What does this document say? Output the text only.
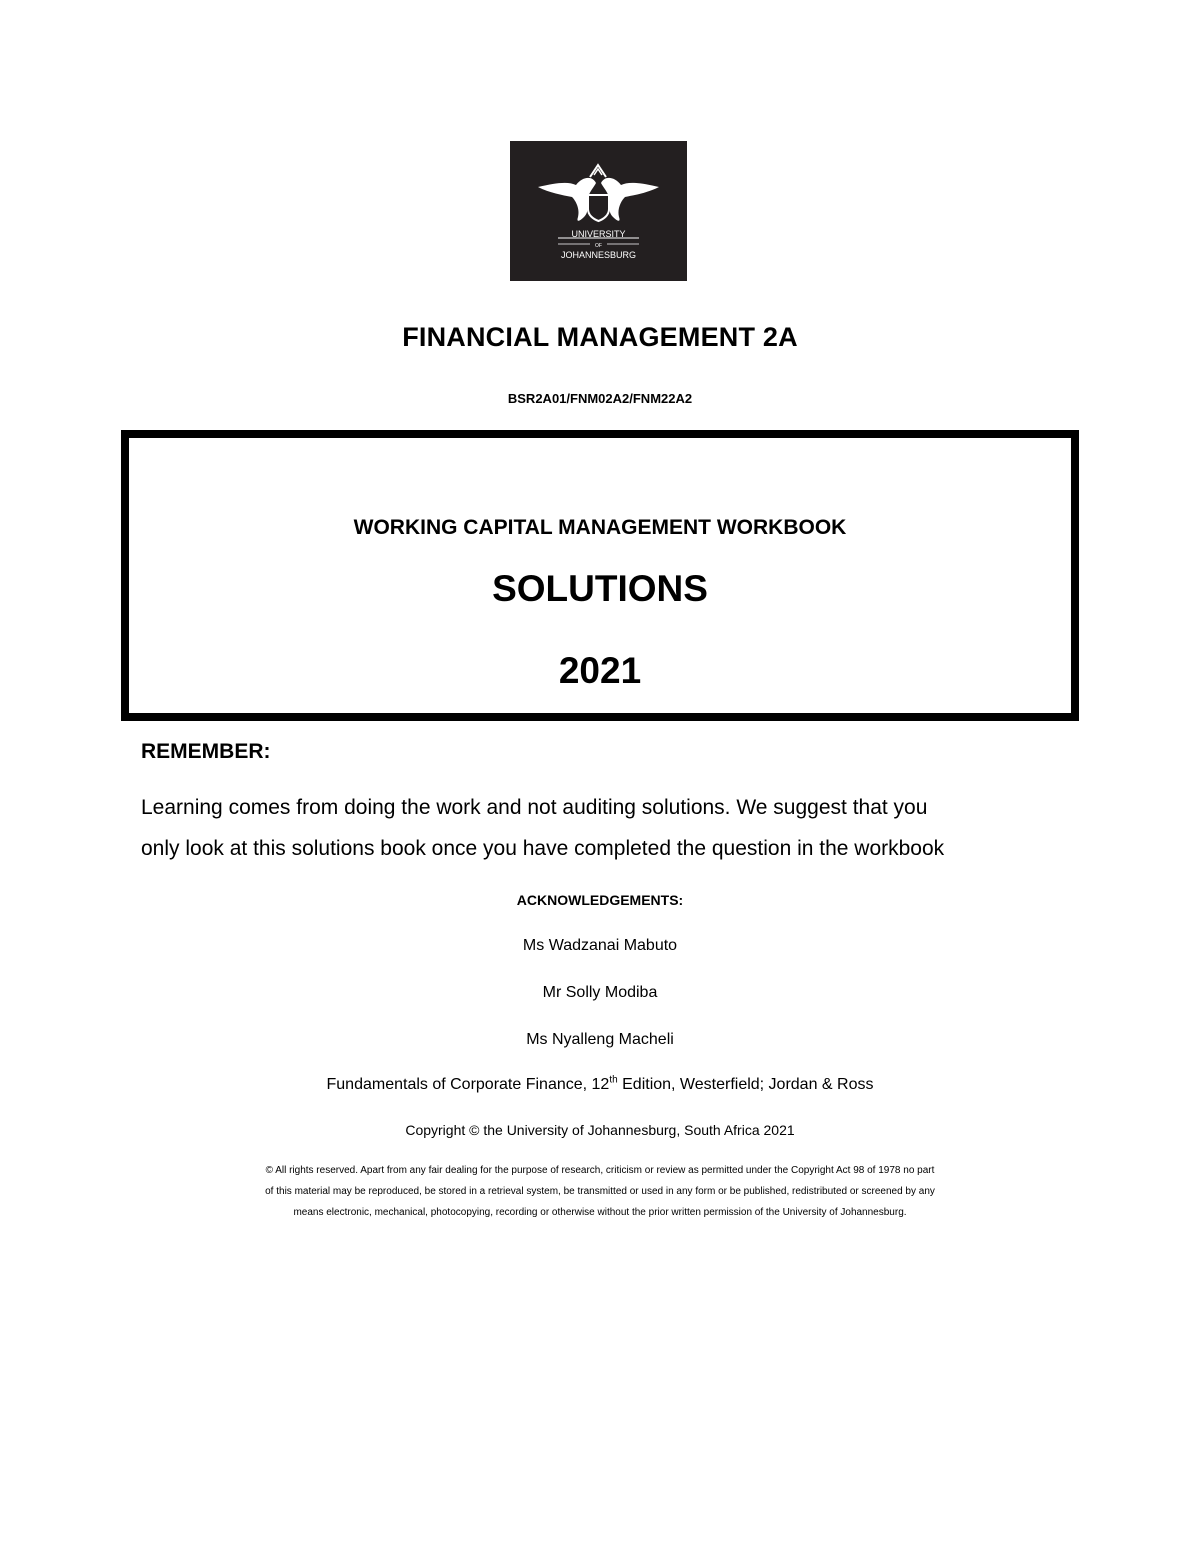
UNIVERSITY
OF
JOHANNESBURG
FINANCIAL MANAGEMENT 2A
BSR2A01/FNM02A2/FNM22A2
WORKING CAPITAL MANAGEMENT WORKBOOK
SOLUTIONS
2021
REMEMBER:
Learning comes from doing the work and not auditing solutions. We suggest that you
only look at this solutions book once you have completed the question in the workbook
ACKNOWLEDGEMENTS:
Ms Wadzanai Mabuto
Mr Solly Modiba
Ms Nyalleng Macheli
Fundamentals of Corporate Finance, 12th Edition, Westerfield; Jordan & Ross
Copyright © the University of Johannesburg, South Africa 2021
© All rights reserved. Apart from any fair dealing for the purpose of research, criticism or review as permitted under the Copyright Act 98 of 1978 no part
of this material may be reproduced, be stored in a retrieval system, be transmitted or used in any form or be published, redistributed or screened by any
means electronic, mechanical, photocopying, recording or otherwise without the prior written permission of the University of Johannesburg.
